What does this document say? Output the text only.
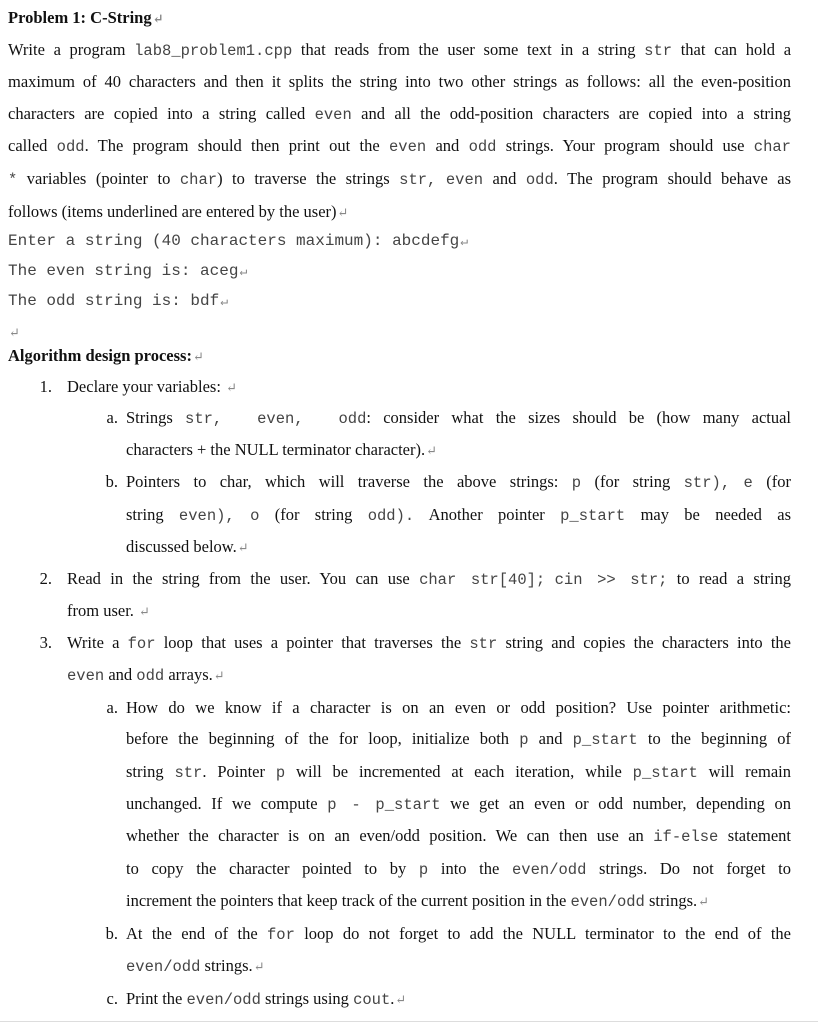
Problem 1: C-String↵
Write a program lab8_problem1.cpp that reads from the user some text in a string str that can hold a
maximum of 40 characters and then it splits the string into two other strings as follows: all the even-position
characters are copied into a string called even and all the odd-position characters are copied into a string
called odd. The program should then print out the even and odd strings. Your program should use char
* variables (pointer to char) to traverse the strings str, even and odd. The program should behave as
follows (items underlined are entered by the user)↵
Enter a string (40 characters maximum): abcdefg↵
The even string is: aceg↵
The odd string is: bdf↵
↵
Algorithm design process:↵
1. Declare your variables: ↵
a. Strings str,  even,  odd: consider what the sizes should be (how many actual
characters + the NULL terminator character).↵
b. Pointers to char, which will traverse the above strings: p (for string str), e (for
string even), o (for string odd). Another pointer p_start may be needed as
discussed below.↵
2. Read in the string from the user. You can use char str[40]; cin >> str; to read a string
from user. ↵
3. Write a for loop that uses a pointer that traverses the str string and copies the characters into the
even and odd arrays.↵
a. How do we know if a character is on an even or odd position? Use pointer arithmetic:
before the beginning of the for loop, initialize both p and p_start to the beginning of
string str. Pointer p will be incremented at each iteration, while p_start will remain
unchanged. If we compute p - p_start we get an even or odd number, depending on
whether the character is on an even/odd position. We can then use an if-else statement
to copy the character pointed to by p into the even/odd strings. Do not forget to
increment the pointers that keep track of the current position in the even/odd strings.↵
b. At the end of the for loop do not forget to add the NULL terminator to the end of the
even/odd strings.↵
c. Print the even/odd strings using cout.↵
